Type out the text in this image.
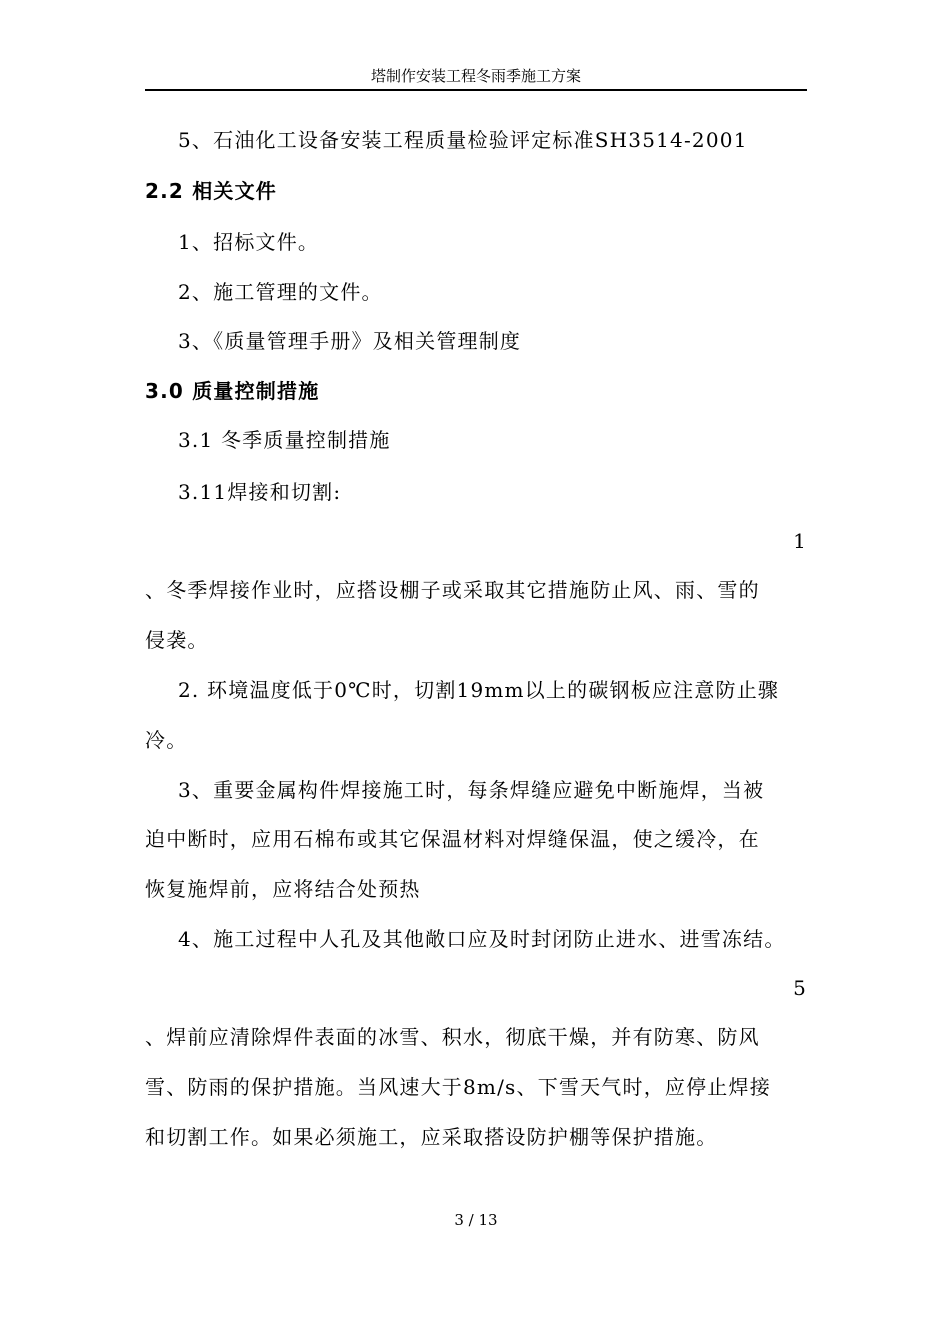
塔制作安装工程冬雨季施工方案
5、石油化工设备安装工程质量检验评定标准SH3514-2001
2.2 相关文件
1、招标文件。
2、施工管理的文件。
3、《质量管理手册》及相关管理制度
3.0 质量控制措施
3.1 冬季质量控制措施
3.11焊接和切割:
1
、冬季焊接作业时，应搭设棚子或采取其它措施防止风、雨、雪的
侵袭。
2. 环境温度低于0℃时，切割19mm以上的碳钢板应注意防止骤
冷。
3、重要金属构件焊接施工时，每条焊缝应避免中断施焊，当被
迫中断时，应用石棉布或其它保温材料对焊缝保温，使之缓冷，在
恢复施焊前，应将结合处预热
4、施工过程中人孔及其他敞口应及时封闭防止进水、进雪冻结。
5
、焊前应清除焊件表面的冰雪、积水，彻底干燥，并有防寒、防风
雪、防雨的保护措施。当风速大于8m/s、下雪天气时，应停止焊接
和切割工作。如果必须施工，应采取搭设防护棚等保护措施。
3 / 13
